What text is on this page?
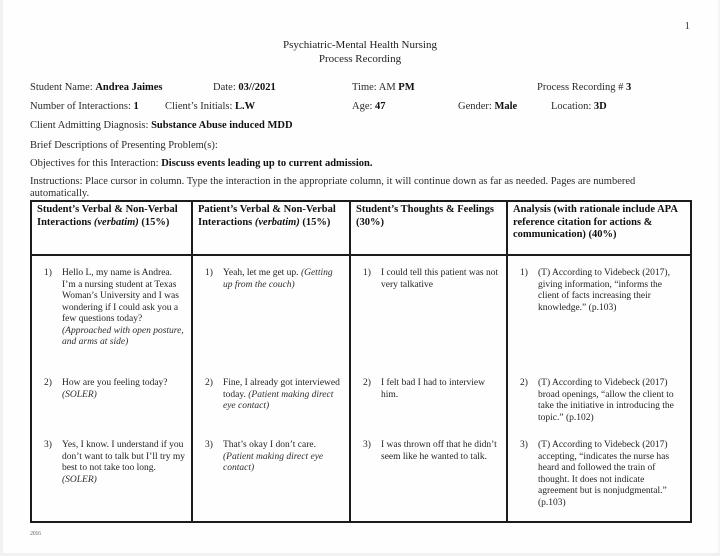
1
Psychiatric-Mental Health Nursing
Process Recording
Student Name: Andrea Jaimes	Date: 03//2021	Time: AM PM	Process Recording # 3
Number of Interactions: 1 Client’s Initials: L.W	Age: 47	Gender: Male	Location: 3D
Client Admitting Diagnosis: Substance Abuse induced MDD
Brief Descriptions of Presenting Problem(s):
Objectives for this Interaction: Discuss events leading up to current admission.
Instructions: Place cursor in column. Type the interaction in the appropriate column, it will continue down as far as needed. Pages are numbered automatically.
Student’s Verbal & Non-Verbal Interactions (verbatim) (15%)
Patient’s Verbal & Non-Verbal Interactions (verbatim) (15%)
Student’s Thoughts & Feelings (30%)
Analysis (with rationale include APA reference citation for actions & communication) (40%)
1)	Hello L, my name is Andrea. I’m a nursing student at Texas Woman’s University and I was wondering if I could ask you a few questions today? (Approached with open posture, and arms at side)
1)	Yeah, let me get up. (Getting up from the couch)
1)	I could tell this patient was not very talkative
1)	(T) According to Videbeck (2017), giving information, “informs the client of facts increasing their knowledge.” (p.103)
2)	How are you feeling today? (SOLER)
2)	Fine, I already got interviewed today. (Patient making direct eye contact)
2)	I felt bad I had to interview him.
2)	(T) According to Videbeck (2017) broad openings, “allow the client to take the initiative in introducing the topic.” (p.102)
3)	Yes, I know. I understand if you don’t want to talk but I’ll try my best to not take too long. (SOLER)
3)	That’s okay I don’t care. (Patient making direct eye contact)
3)	I was thrown off that he didn’t seem like he wanted to talk.
3)	(T) According to Videbeck (2017) accepting, “indicates the nurse has heard and followed the train of thought. It does not indicate agreement but is nonjudgmental.” (p.103)
2016
